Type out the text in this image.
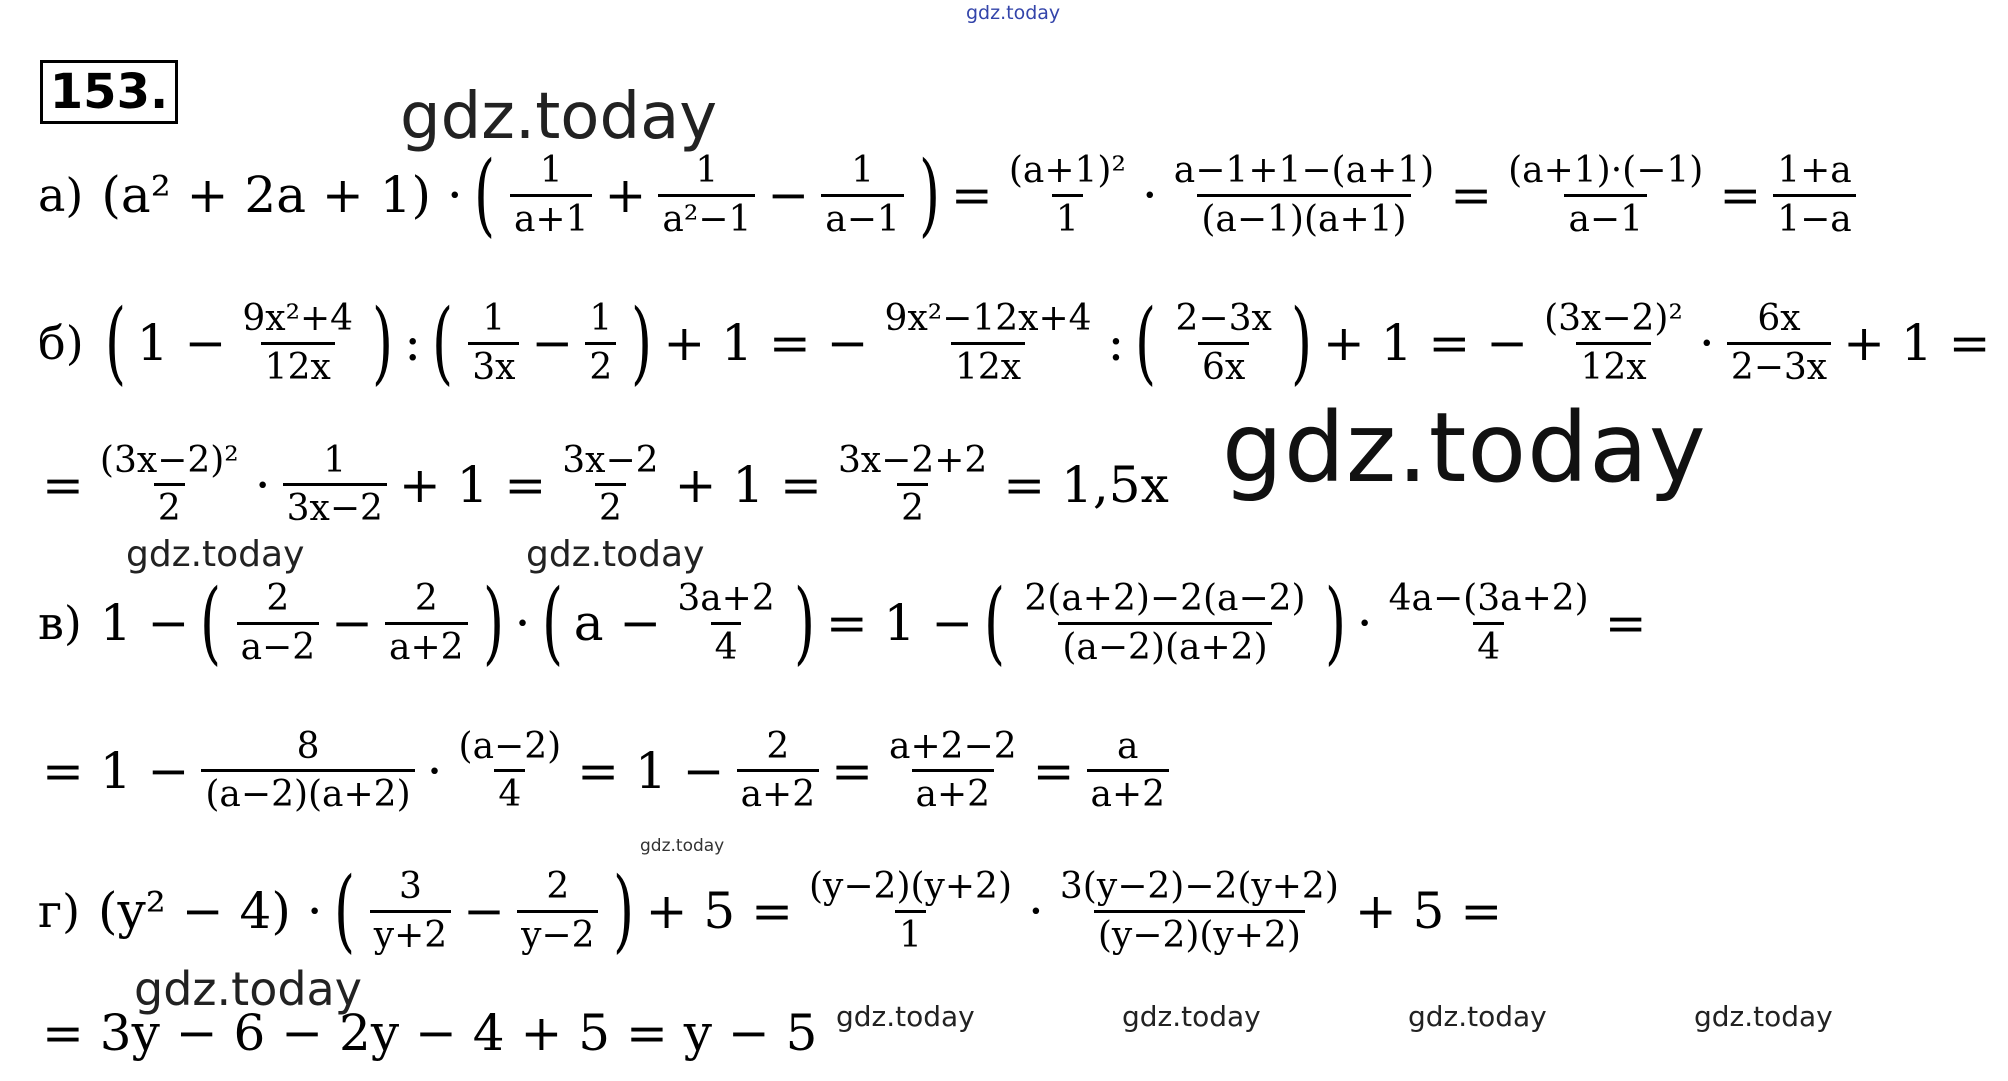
gdz.today
153.	gdz.today
а) (a² + 2a + 1) · ( $\frac{1}{a+1} + \frac{1}{\text{a²−1}} - \frac{1}{a-1}$ ) = $\frac{\text{(a+1)²}}{1} \cdot \frac{a-1+1-(a+1)}{(a-1)(a+1)} = \frac{(a+1)\cdot(-1)}{a-1} = \frac{1+a}{1-a}$
б) ( $1 - \frac{\text{9x²+4}}{12x}$ ) : ( $\frac{1}{3x} - \frac{1}{2}$ ) + 1 = − $\frac{\text{9x²−12x+4}}{12x}$ : ( $\frac{2-3x}{6x}$ ) + 1 = − $\frac{\text{(3x−2)²}}{12x} \cdot \frac{6x}{2-3x} + 1$ =
= $\frac{\text{(3x−2)²}}{2} \cdot \frac{1}{3x-2} + 1 = \frac{3x-2}{2} + 1 = \frac{3x-2+2}{2} = 1,5x$ gdz.today
gdz.today	gdz.today
в) 1 − ( $\frac{2}{a-2} - \frac{2}{a+2}$ ) · ( $a - \frac{3a+2}{4}$ ) = 1 − ( $\frac{2(a+2)-2(a-2)}{(a-2)(a+2)}$ ) · $\frac{4a-(3a+2)}{4}$ =
= $1 - \frac{8}{(a-2)(a+2)} \cdot \frac{(a-2)}{4} = 1 - \frac{2}{a+2} = \frac{a+2-2}{a+2} = \frac{a}{a+2}$
gdz.today
г) (y² − 4) · ( $\frac{3}{y+2} - \frac{2}{y-2}$ ) + $5 = \frac{(y-2)(y+2)}{1} \cdot \frac{3(y-2)-2(y+2)}{(y-2)(y+2)} + 5$ =
gdz.today
= 3y − 6 − 2y − 4 + 5 = y − 5 gdz.today	gdz.today	gdz.today	gdz.today
